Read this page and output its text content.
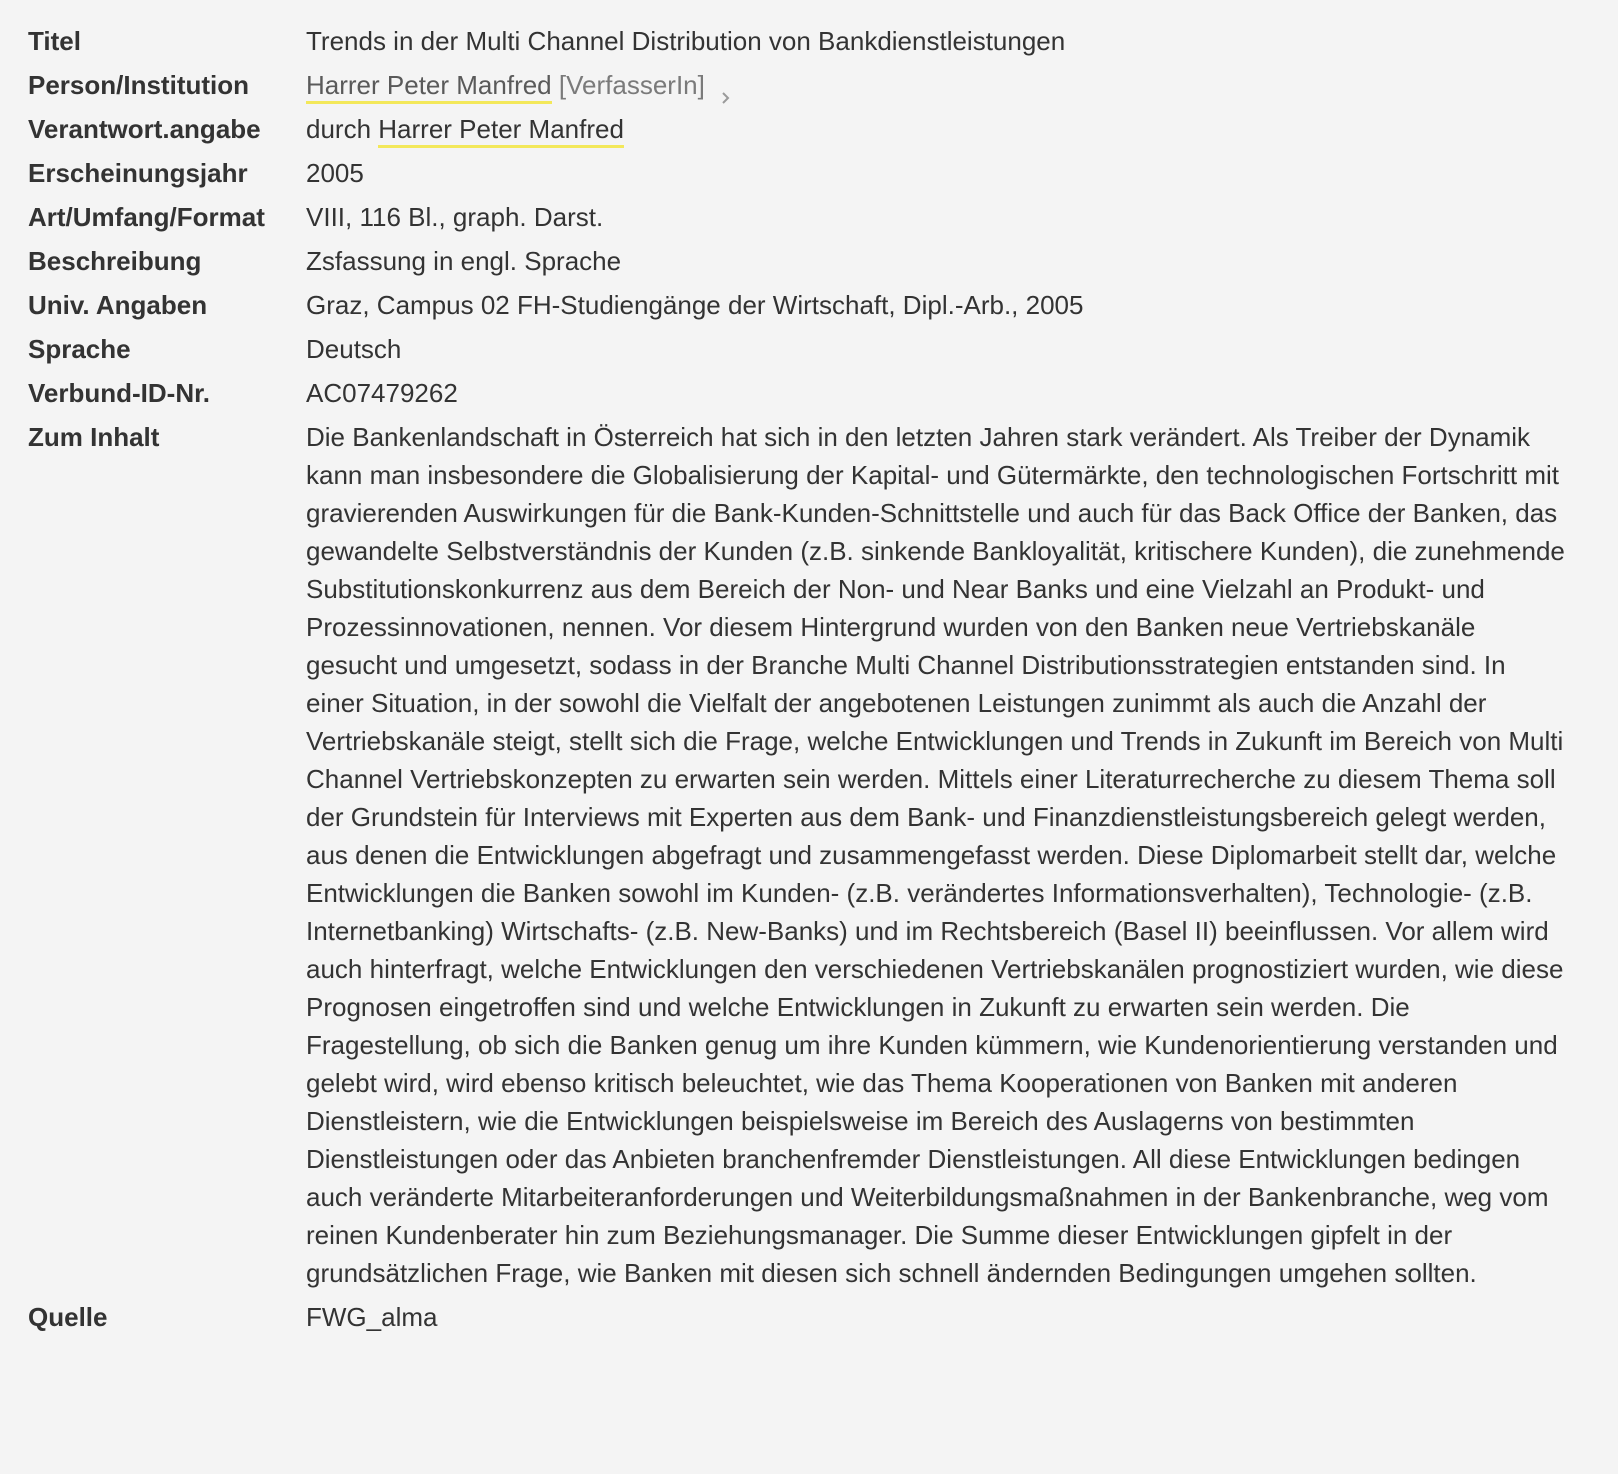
Titel	Trends in der Multi Channel Distribution von Bankdienstleistungen
Person/Institution	Harrer Peter Manfred [VerfasserIn]
Verantwort.angabe	durch Harrer Peter Manfred
Erscheinungsjahr	2005
Art/Umfang/Format	VIII, 116 Bl., graph. Darst.
Beschreibung	Zsfassung in engl. Sprache
Univ. Angaben	Graz, Campus 02 FH-Studiengänge der Wirtschaft, Dipl.-Arb., 2005
Sprache	Deutsch
Verbund-ID-Nr.	AC07479262
Zum Inhalt	Die Bankenlandschaft in Österreich hat sich in den letzten Jahren stark verändert. Als Treiber der Dynamik kann man insbesondere die Globalisierung der Kapital- und Gütermärkte, den technologischen Fortschritt mit gravierenden Auswirkungen für die Bank-Kunden-Schnittstelle und auch für das Back Office der Banken, das gewandelte Selbstverständnis der Kunden (z.B. sinkende Bankloyalität, kritischere Kunden), die zunehmende Substitutionskonkurrenz aus dem Bereich der Non- und Near Banks und eine Vielzahl an Produkt- und Prozessinnovationen, nennen. Vor diesem Hintergrund wurden von den Banken neue Vertriebskanäle gesucht und umgesetzt, sodass in der Branche Multi Channel Distributionsstrategien entstanden sind. In einer Situation, in der sowohl die Vielfalt der angebotenen Leistungen zunimmt als auch die Anzahl der Vertriebskanäle steigt, stellt sich die Frage, welche Entwicklungen und Trends in Zukunft im Bereich von Multi Channel Vertriebskonzepten zu erwarten sein werden. Mittels einer Literaturrecherche zu diesem Thema soll der Grundstein für Interviews mit Experten aus dem Bank- und Finanzdienstleistungsbereich gelegt werden, aus denen die Entwicklungen abgefragt und zusammengefasst werden. Diese Diplomarbeit stellt dar, welche Entwicklungen die Banken sowohl im Kunden- (z.B. verändertes Informationsverhalten), Technologie- (z.B. Internetbanking) Wirtschafts- (z.B. New-Banks) und im Rechtsbereich (Basel II) beeinflussen. Vor allem wird auch hinterfragt, welche Entwicklungen den verschiedenen Vertriebskanälen prognostiziert wurden, wie diese Prognosen eingetroffen sind und welche Entwicklungen in Zukunft zu erwarten sein werden. Die Fragestellung, ob sich die Banken genug um ihre Kunden kümmern, wie Kundenorientierung verstanden und gelebt wird, wird ebenso kritisch beleuchtet, wie das Thema Kooperationen von Banken mit anderen Dienstleistern, wie die Entwicklungen beispielsweise im Bereich des Auslagerns von bestimmten Dienstleistungen oder das Anbieten branchenfremder Dienstleistungen. All diese Entwicklungen bedingen auch veränderte Mitarbeiteranforderungen und Weiterbildungsmaßnahmen in der Bankenbranche, weg vom reinen Kundenberater hin zum Beziehungsmanager. Die Summe dieser Entwicklungen gipfelt in der grundsätzlichen Frage, wie Banken mit diesen sich schnell ändernden Bedingungen umgehen sollten.
Quelle	FWG_alma
